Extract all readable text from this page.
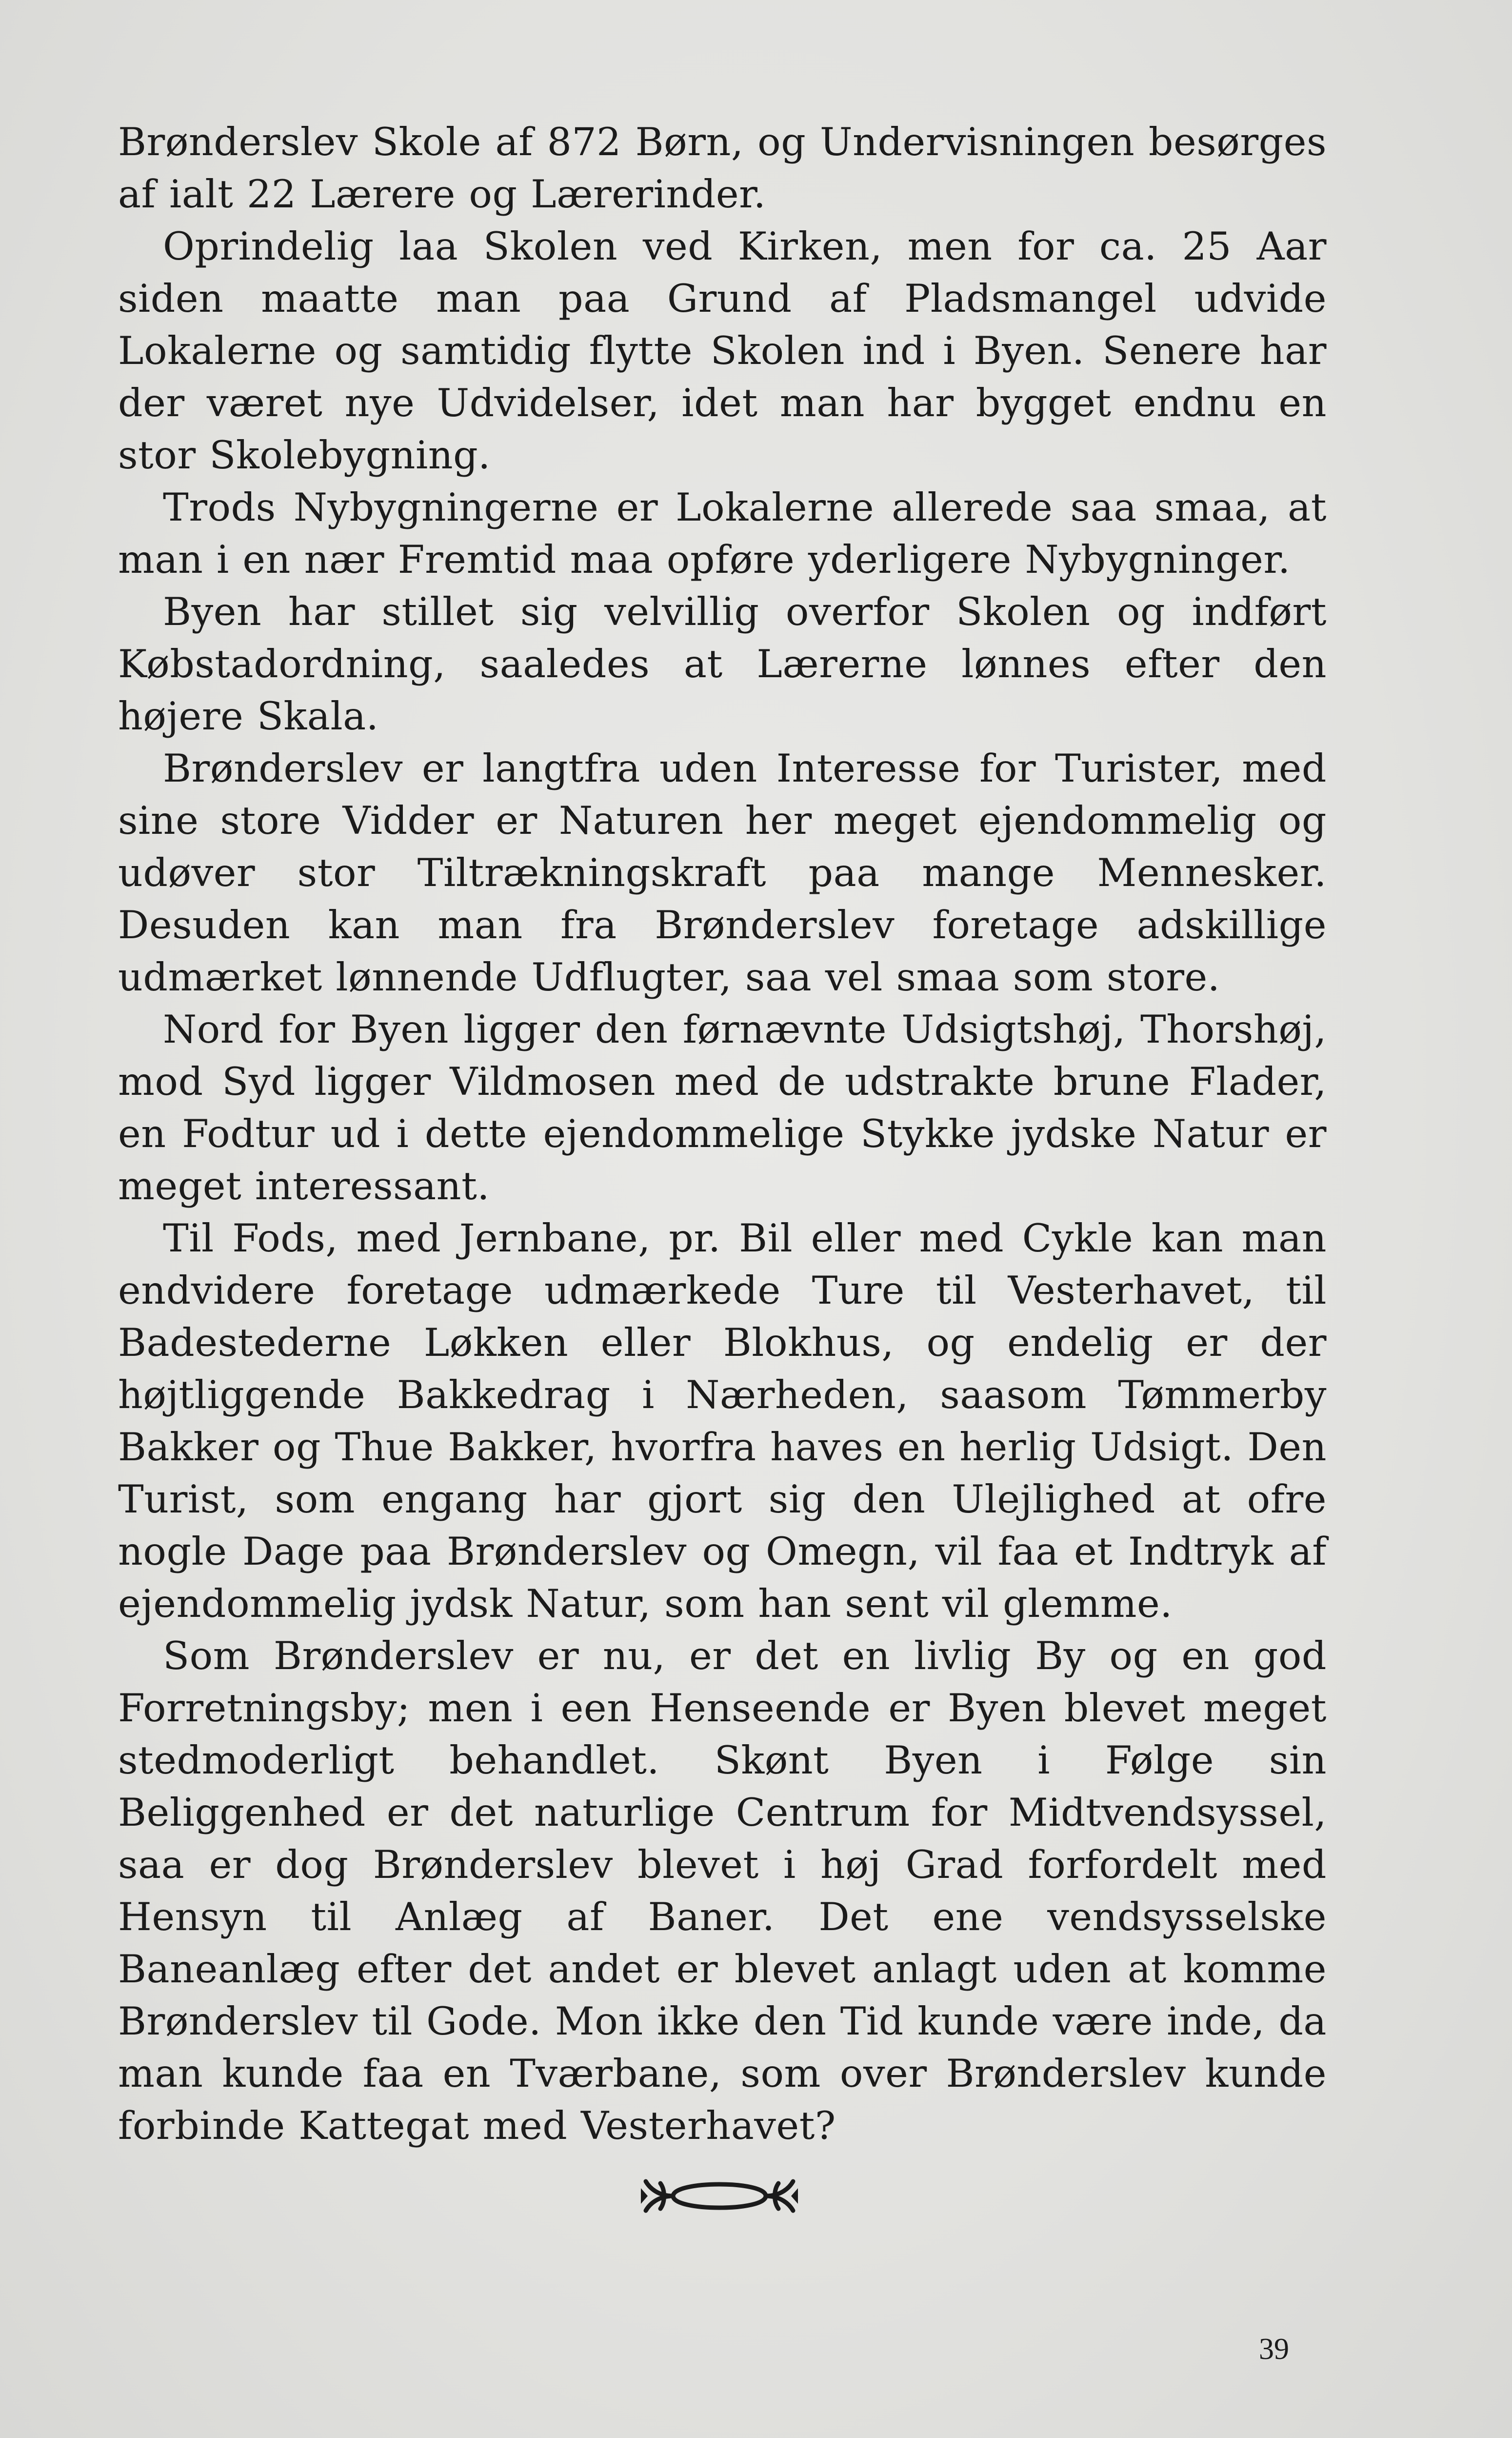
Brønderslev Skole af 872 Børn, og Undervisningen besørges af ialt 22 Lærere og Lærerinder.

Oprindelig laa Skolen ved Kirken, men for ca. 25 Aar siden maatte man paa Grund af Pladsmangel udvide Lokalerne og samtidig flytte Skolen ind i Byen. Senere har der været nye Udvidelser, idet man har bygget endnu en stor Skolebygning.

Trods Nybygningerne er Lokalerne allerede saa smaa, at man i en nær Fremtid maa opføre yderligere Nybygninger.

Byen har stillet sig velvillig overfor Skolen og indført Købstadordning, saaledes at Lærerne lønnes efter den højere Skala.

Brønderslev er langtfra uden Interesse for Turister, med sine store Vidder er Naturen her meget ejendommelig og udøver stor Tiltrækningskraft paa mange Mennesker. Desuden kan man fra Brønderslev foretage adskillige udmærket lønnende Udflugter, saa vel smaa som store.

Nord for Byen ligger den førnævnte Udsigtshøj, Thorshøj, mod Syd ligger Vildmosen med de udstrakte brune Flader, en Fodtur ud i dette ejendommelige Stykke jydske Natur er meget interessant.

Til Fods, med Jernbane, pr. Bil eller med Cykle kan man endvidere foretage udmærkede Ture til Vesterhavet, til Badestederne Løkken eller Blokhus, og endelig er der højtliggende Bakkedrag i Nærheden, saasom Tømmerby Bakker og Thue Bakker, hvorfra haves en herlig Udsigt. Den Turist, som engang har gjort sig den Ulejlighed at ofre nogle Dage paa Brønderslev og Omegn, vil faa et Indtryk af ejendommelig jydsk Natur, som han sent vil glemme.

Som Brønderslev er nu, er det en livlig By og en god Forretningsby; men i een Henseende er Byen blevet meget stedmoderligt behandlet. Skønt Byen i Følge sin Beliggenhed er det naturlige Centrum for Midtvendsyssel, saa er dog Brønderslev blevet i høj Grad forfordelt med Hensyn til Anlæg af Baner. Det ene vendsysselske Baneanlæg efter det andet er blevet anlagt uden at komme Brønderslev til Gode. Mon ikke den Tid kunde være inde, da man kunde faa en Tværbane, som over Brønderslev kunde forbinde Kattegat med Vesterhavet?

39
